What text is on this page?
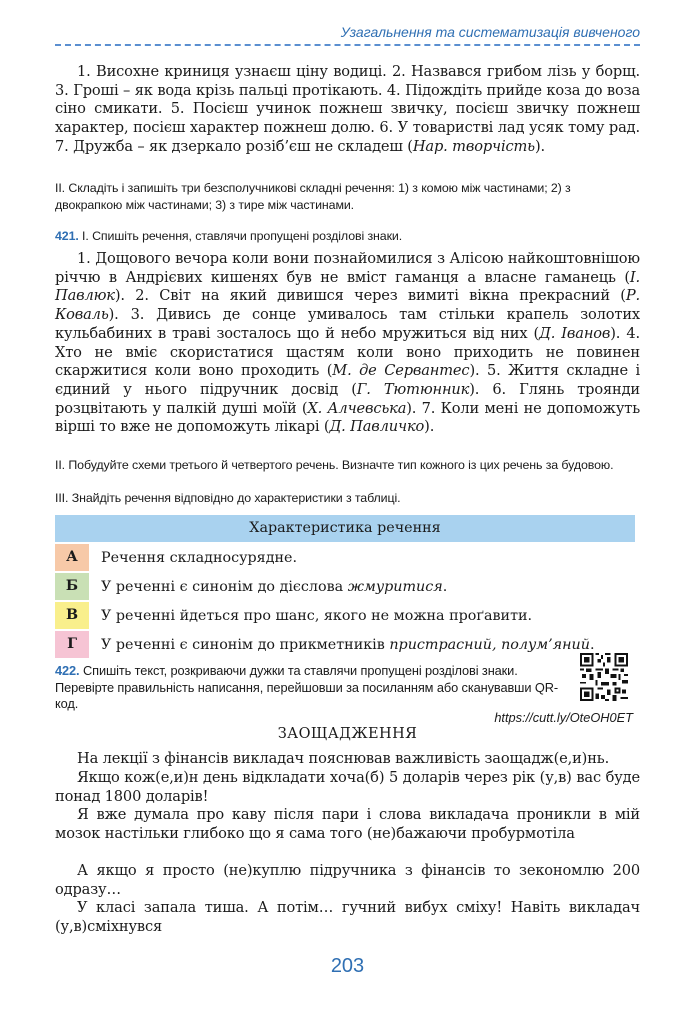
Узагальнення та систематизація вивченого
1. Висохне криниця узнаєш ціну водиці. 2. Назвався грибом лізь у борщ. 3. Гроші – як вода крізь пальці протікають. 4. Підождіть прийде коза до воза сіно смикати. 5. Посієш учинок пожнеш звичку, посієш звичку пожнеш характер, посієш характер пожнеш долю. 6. У товаристві лад усяк тому рад. 7. Дружба – як дзеркало розіб’єш не складеш (Нар. творчість).
II. Складіть і запишіть три безсполучникові складні речення: 1) з комою між частинами; 2) з двокрапкою між частинами; 3) з тире між частинами.
421. І. Спишіть речення, ставлячи пропущені розділові знаки.
1. Дощового вечора коли вони познайомилися з Алісою найкоштовнішою річчю в Андрієвих кишенях був не вміст гаманця а власне гаманець (І. Павлюк). 2. Світ на який дивишся через вимиті вікна прекрасний (Р. Коваль). 3. Дивись де сонце умивалось там стільки крапель золотих кульбабиних в траві зосталось що й небо мружиться від них (Д. Іванов). 4. Хто не вміє скористатися щастям коли воно приходить не повинен скаржитися коли воно проходить (М. де Сервантес). 5. Життя складне і єдиний у нього підручник досвід (Г. Тютюнник). 6. Глянь троянди розцвітають у палкій душі моїй (Х. Алчевська). 7. Коли мені не допоможуть вірші то вже не допоможуть лікарі (Д. Павличко).
II. Побудуйте схеми третього й четвертого речень. Визначте тип кожного із цих речень за будовою.
III. Знайдіть речення відповідно до характеристики з таблиці.
Характеристика речення
А	Речення складносурядне.
Б	У реченні є синонім до дієслова жмуритися.
В	У реченні йдеться про шанс, якого не можна проґавити.
Г	У реченні є синонім до прикметників пристрасний, полум’яний.
422. Спишіть текст, розкриваючи дужки та ставлячи пропущені розділові знаки. Перевірте правильність написання, перейшовши за посиланням або сканувавши QR-код.
https://cutt.ly/OteOH0ET
ЗАОЩАДЖЕННЯ
На лекції з фінансів викладач пояснював важливість заощадж(е,и)нь.
Якщо кож(е,и)н день відкладати хоча(б) 5 доларів через рік (у,в) вас буде понад 1800 доларів!
Я вже думала про каву після пари і слова викладача проникли в мій мозок настільки глибоко що я сама того (не)бажаючи пробурмотіла
А якщо я просто (не)куплю підручника з фінансів то зекономлю 200 одразу…
У класі запала тиша. А потім… гучний вибух сміху! Навіть викладач (у,в)сміхнувся
203
